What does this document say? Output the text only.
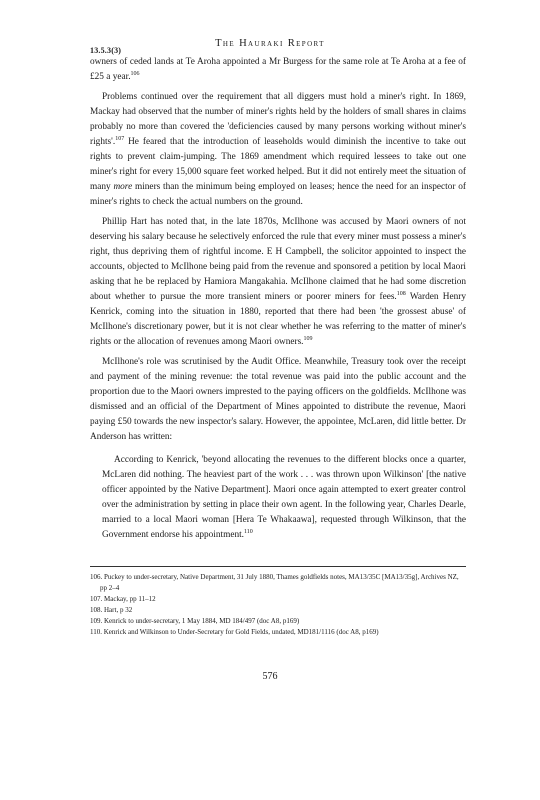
The Hauraki Report
13.5.3(3)

owners of ceded lands at Te Aroha appointed a Mr Burgess for the same role at Te Aroha at a fee of £25 a year.$^{106}$

Problems continued over the requirement that all diggers must hold a miner's right. In 1869, Mackay had observed that the number of miner's rights held by the holders of small shares in claims probably no more than covered the 'deficiencies caused by many persons working without miner's rights'.$^{107}$ He feared that the introduction of leaseholds would diminish the incentive to take out rights to prevent claim-jumping. The 1869 amendment which required lessees to take out one miner's right for every 15,000 square feet worked helped. But it did not entirely meet the situation of many more miners than the minimum being employed on leases; hence the need for an inspector of miner's rights to check the actual numbers on the ground.

Phillip Hart has noted that, in the late 1870s, McIlhone was accused by Maori owners of not deserving his salary because he selectively enforced the rule that every miner must possess a miner's right, thus depriving them of rightful income. E H Campbell, the solicitor appointed to inspect the accounts, objected to McIlhone being paid from the revenue and sponsored a petition by local Maori asking that he be replaced by Hamiora Mangakahia. McIlhone claimed that he had some discretion about whether to pursue the more transient miners or poorer miners for fees.$^{108}$ Warden Henry Kenrick, coming into the situation in 1880, reported that there had been 'the grossest abuse' of McIlhone's discretionary power, but it is not clear whether he was referring to the matter of miner's rights or the allocation of revenues among Maori owners.$^{109}$

McIlhone's role was scrutinised by the Audit Office. Meanwhile, Treasury took over the receipt and payment of the mining revenue: the total revenue was paid into the public account and the proportion due to the Maori owners imprested to the paying officers on the goldfields. McIlhone was dismissed and an official of the Department of Mines appointed to distribute the revenue, Maori paying £50 towards the new inspector's salary. However, the appointee, McLaren, did little better. Dr Anderson has written:

According to Kenrick, 'beyond allocating the revenues to the different blocks once a quarter, McLaren did nothing. The heaviest part of the work . . . was thrown upon Wilkinson' [the native officer appointed by the Native Department]. Maori once again attempted to exert greater control over the administration by setting in place their own agent. In the following year, Charles Dearle, married to a local Maori woman [Hera Te Whakaawa], requested through Wilkinson, that the Government endorse his appointment.$^{110}$

106. Puckey to under-secretary, Native Department, 31 July 1880, Thames goldfields notes, MA13/35C [MA13/35g], Archives NZ, pp 2–4
107. Mackay, pp 11–12
108. Hart, p 32
109. Kenrick to under-secretary, 1 May 1884, MD 184/497 (doc A8, p169)
110. Kenrick and Wilkinson to Under-Secretary for Gold Fields, undated, MD181/1116 (doc A8, p169)
576
